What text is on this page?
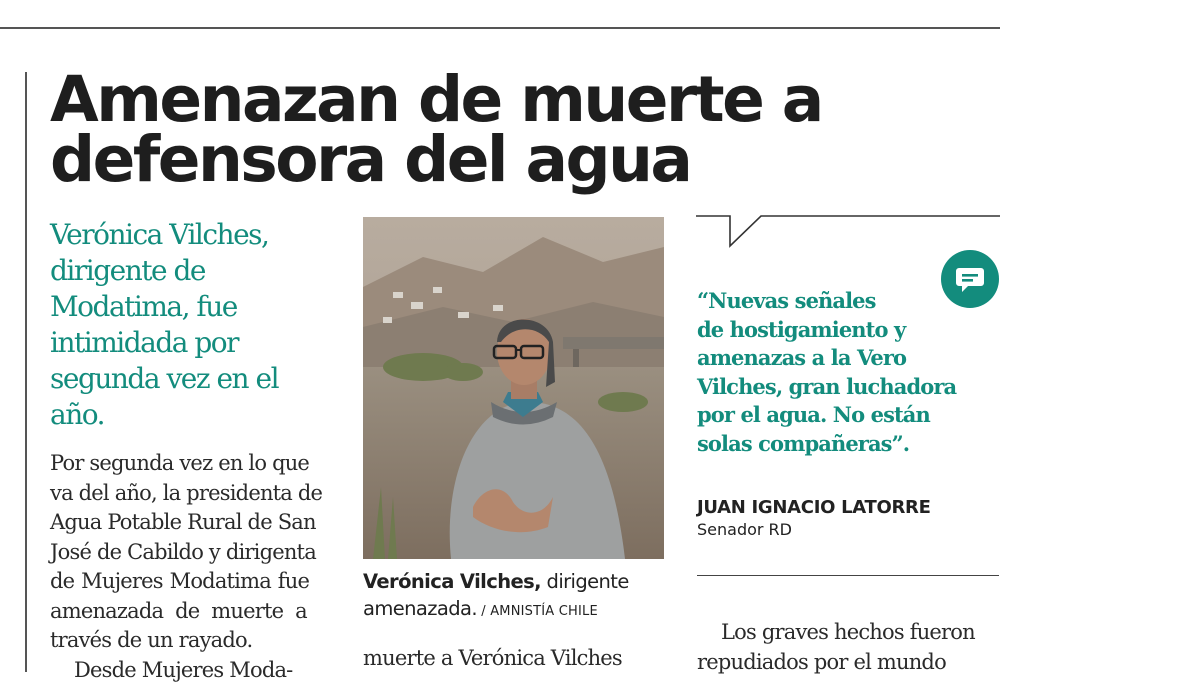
Amenazan de muerte a
defensora del agua

Verónica Vilches, dirigente de Modatima, fue intimidada por segunda vez en el año.

Por segunda vez en lo que
va del año, la presidenta de
Agua Potable Rural de San
José de Cabildo y dirigenta
de Mujeres Modatima fue
amenazada de muerte a
través de un rayado.
Desde Mujeres Moda-

Verónica Vilches, dirigente amenazada. / AMNISTÍA CHILE

muerte a Verónica Vilches

“Nuevas señales
de hostigamiento y
amenazas a la Vero
Vilches, gran luchadora
por el agua. No están
solas compañeras”.

JUAN IGNACIO LATORRE

Senador RD

Los graves hechos fueron
repudiados por el mundo
